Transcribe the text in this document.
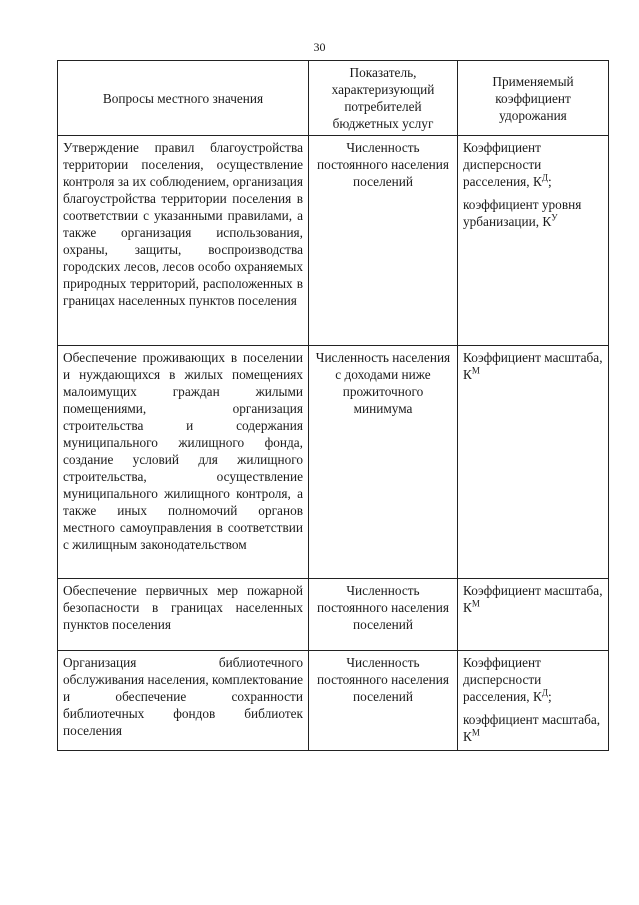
30
Вопросы местного значения	Показатель, характеризующий потребителей бюджетных услуг	Применяемый коэффициент удорожания
Утверждение правил благоустройства территории поселения, осуществление контроля за их соблюдением, организация благоустройства территории поселения в соответствии с указанными правилами, а также организация использования, охраны, защиты, воспроизводства городских лесов, лесов особо охраняемых природных территорий, расположенных в границах населенных пунктов поселения	Численность постоянного населения поселений	Коэффициент дисперсности расселения, $К^Д$;
коэффициент уровня урбанизации, $К^У$

Обеспечение проживающих в поселении и нуждающихся в жилых помещениях малоимущих граждан жилыми помещениями, организация строительства и содержания муниципального жилищного фонда, создание условий для жилищного строительства, осуществление муниципального жилищного контроля, а также иных полномочий органов местного самоуправления в соответствии с жилищным законодательством	Численность населения с доходами ниже прожиточного минимума	Коэффициент масштаба, $К^М$

Обеспечение первичных мер пожарной безопасности в границах населенных пунктов поселения	Численность постоянного населения поселений	Коэффициент масштаба, $К^М$

Организация библиотечного обслуживания населения, комплектование и обеспечение сохранности библиотечных фондов библиотек поселения	Численность постоянного населения поселений	Коэффициент дисперсности расселения, $К^Д$;
коэффициент масштаба, $К^М$
